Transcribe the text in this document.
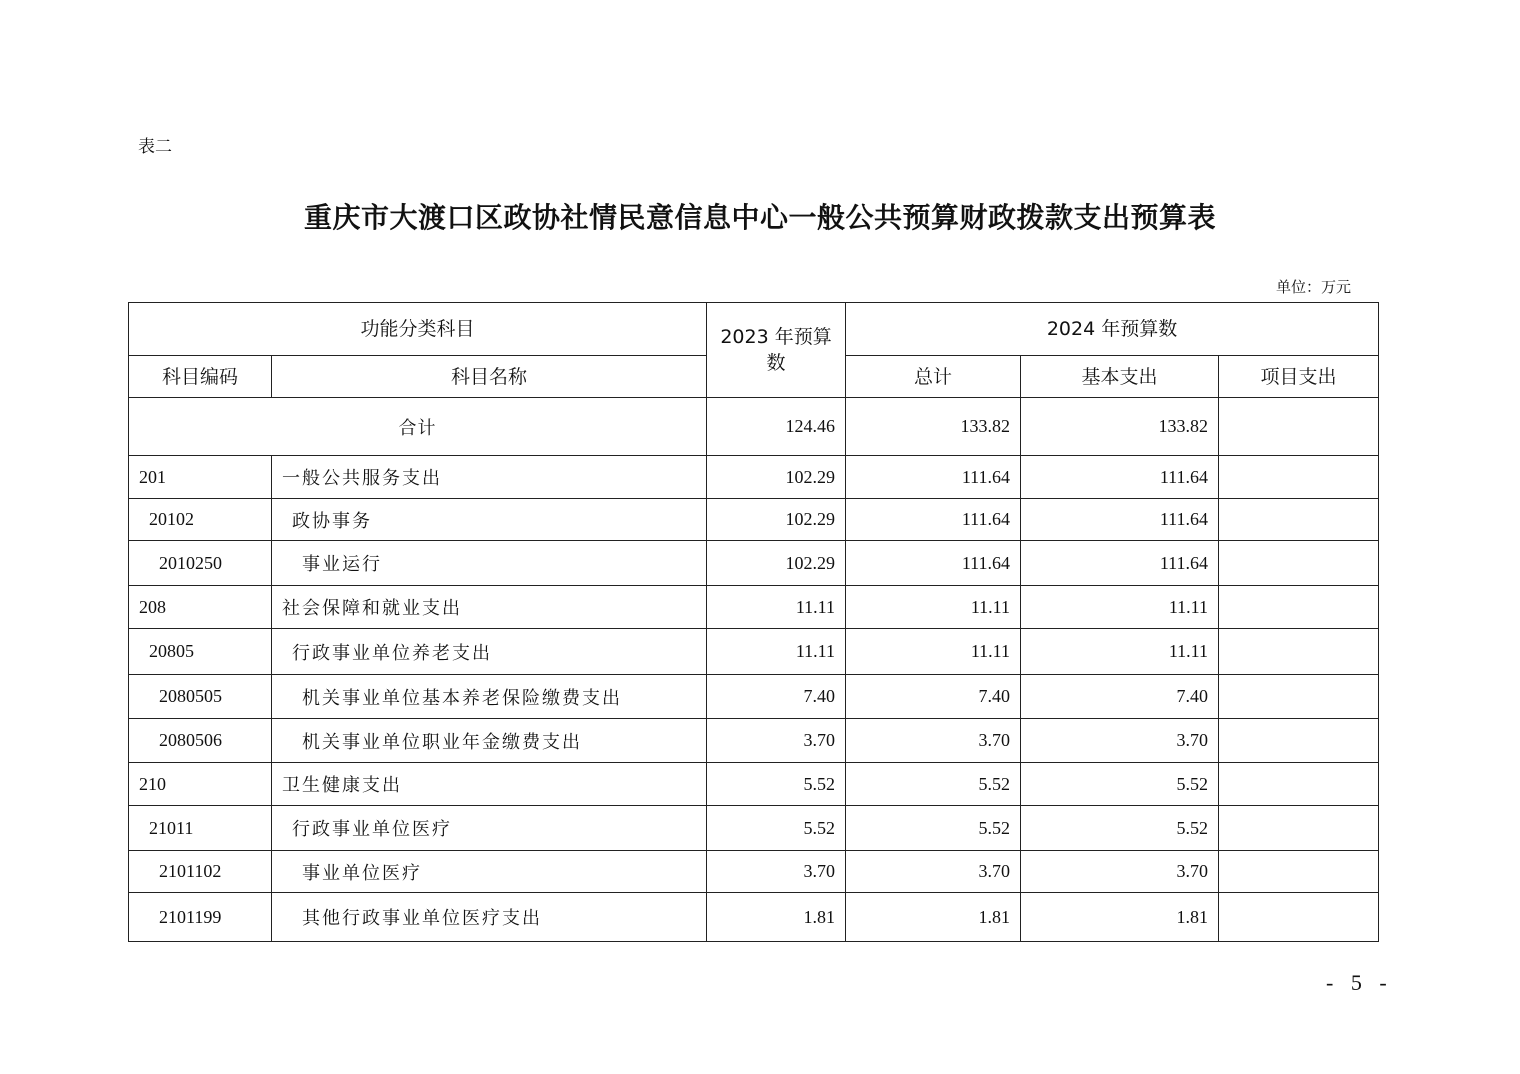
表二
重庆市大渡口区政协社情民意信息中心一般公共预算财政拨款支出预算表
单位：万元
功能分类科目		2023 年预算数	2024 年预算数		
科目编码	科目名称		总计	基本支出	项目支出
合计		124.46	133.82	133.82	
201	一般公共服务支出	102.29	111.64	111.64	
20102	政协事务	102.29	111.64	111.64	
2010250	事业运行	102.29	111.64	111.64	
208	社会保障和就业支出	11.11	11.11	11.11	
20805	行政事业单位养老支出	11.11	11.11	11.11	
2080505	机关事业单位基本养老保险缴费支出	7.40	7.40	7.40	
2080506	机关事业单位职业年金缴费支出	3.70	3.70	3.70	
210	卫生健康支出	5.52	5.52	5.52	
21011	行政事业单位医疗	5.52	5.52	5.52	
2101102	事业单位医疗	3.70	3.70	3.70	
2101199	其他行政事业单位医疗支出	1.81	1.81	1.81	
- 5 -
